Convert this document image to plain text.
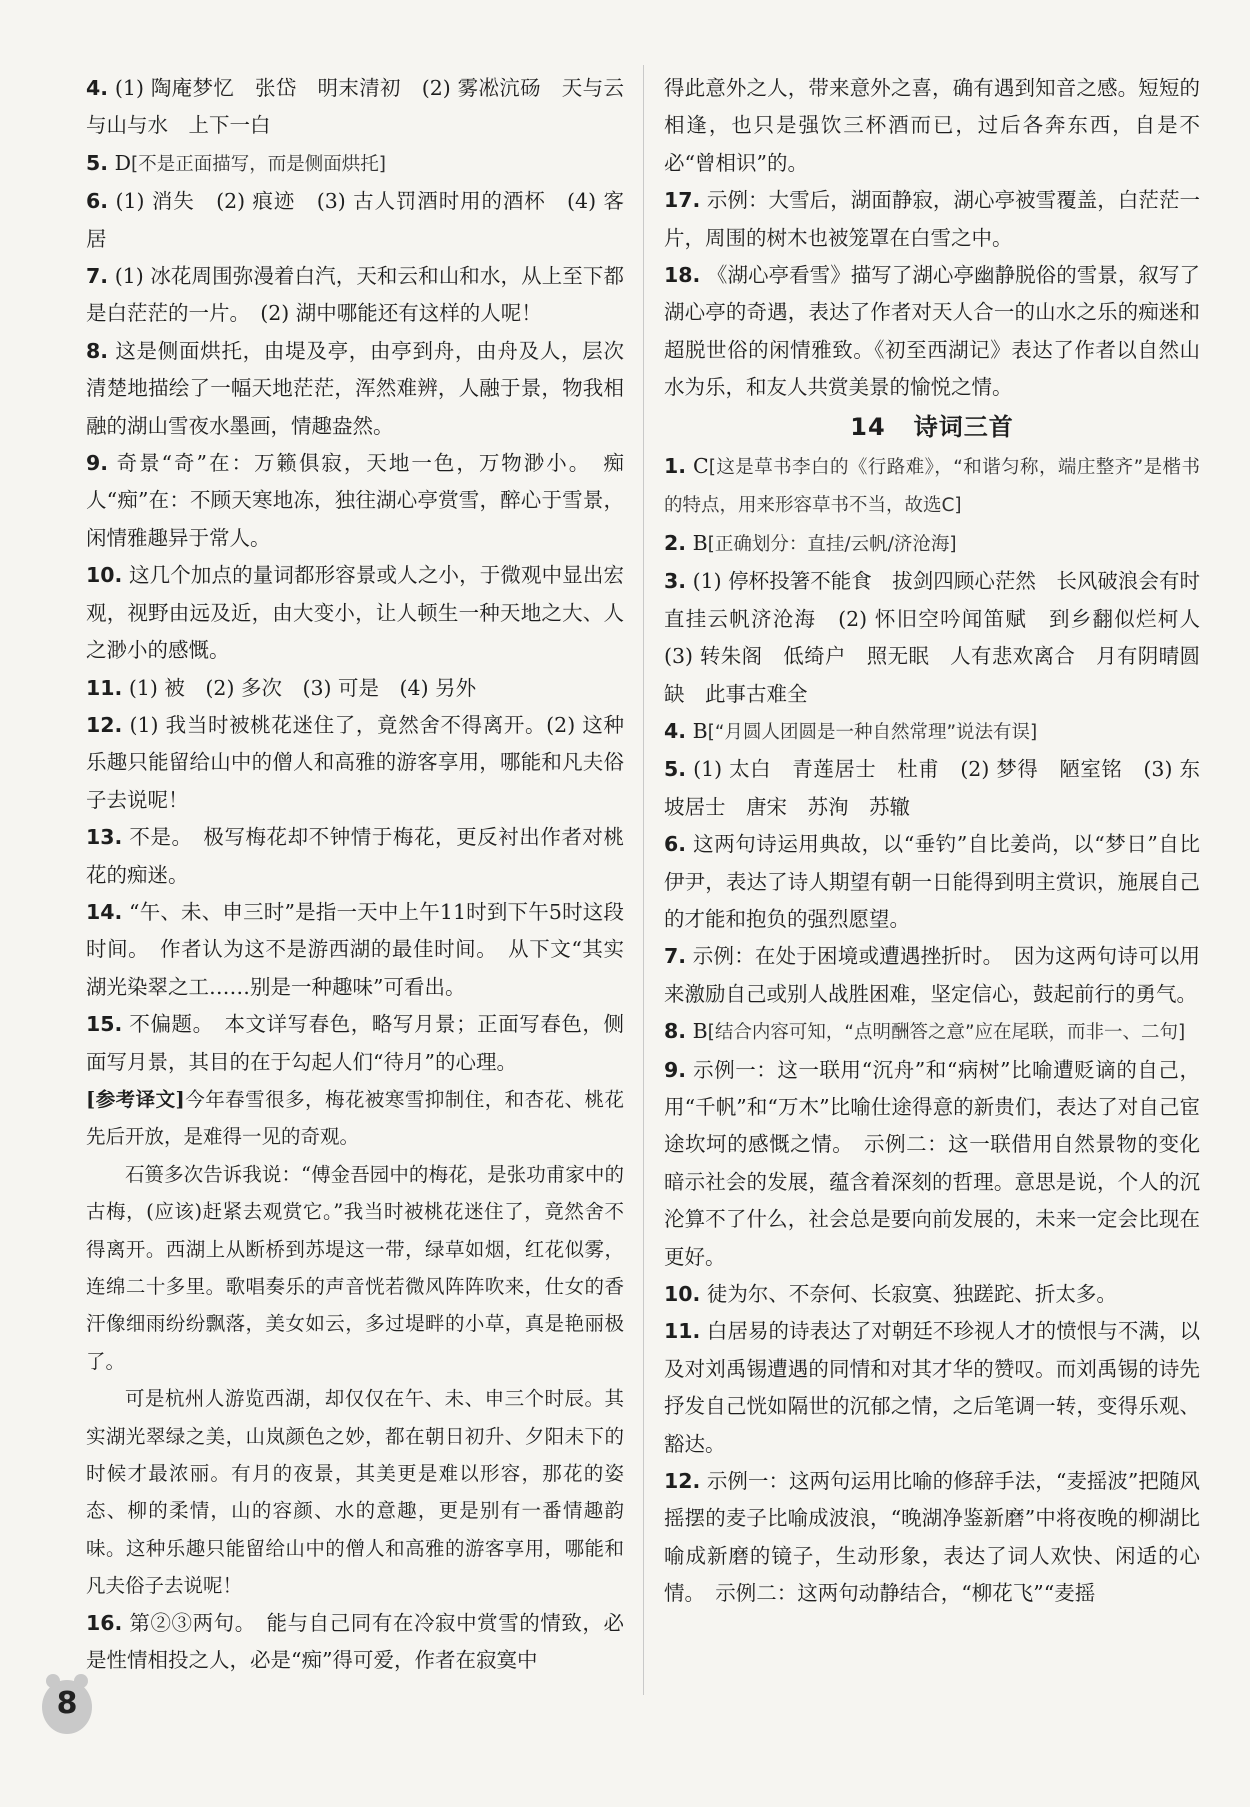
4. (1) 陶庵梦忆　张岱　明末清初　(2) 雾凇沆砀　天与云与山与水　上下一白

5. D[不是正面描写，而是侧面烘托]

6. (1) 消失　(2) 痕迹　(3) 古人罚酒时用的酒杯　(4) 客居

7. (1) 冰花周围弥漫着白汽，天和云和山和水，从上至下都是白茫茫的一片。　(2) 湖中哪能还有这样的人呢！

8. 这是侧面烘托，由堤及亭，由亭到舟，由舟及人，层次清楚地描绘了一幅天地茫茫，浑然难辨，人融于景，物我相融的湖山雪夜水墨画，情趣盎然。

9. 奇景“奇”在：万籁俱寂，天地一色，万物渺小。　痴人“痴”在：不顾天寒地冻，独往湖心亭赏雪，醉心于雪景，闲情雅趣异于常人。

10. 这几个加点的量词都形容景或人之小，于微观中显出宏观，视野由远及近，由大变小，让人顿生一种天地之大、人之渺小的感慨。

11. (1) 被　(2) 多次　(3) 可是　(4) 另外

12. (1) 我当时被桃花迷住了，竟然舍不得离开。(2) 这种乐趣只能留给山中的僧人和高雅的游客享用，哪能和凡夫俗子去说呢！

13. 不是。　极写梅花却不钟情于梅花，更反衬出作者对桃花的痴迷。

14. “午、未、申三时”是指一天中上午11时到下午5时这段时间。　作者认为这不是游西湖的最佳时间。　从下文“其实湖光染翠之工……别是一种趣味”可看出。

15. 不偏题。　本文详写春色，略写月景；正面写春色，侧面写月景，其目的在于勾起人们“待月”的心理。

[参考译文]今年春雪很多，梅花被寒雪抑制住，和杏花、桃花先后开放，是难得一见的奇观。

石篑多次告诉我说：“傅金吾园中的梅花，是张功甫家中的古梅，(应该)赶紧去观赏它。”我当时被桃花迷住了，竟然舍不得离开。西湖上从断桥到苏堤这一带，绿草如烟，红花似雾，连绵二十多里。歌唱奏乐的声音恍若微风阵阵吹来，仕女的香汗像细雨纷纷飘落，美女如云，多过堤畔的小草，真是艳丽极了。

可是杭州人游览西湖，却仅仅在午、未、申三个时辰。其实湖光翠绿之美，山岚颜色之妙，都在朝日初升、夕阳未下的时候才最浓丽。有月的夜景，其美更是难以形容，那花的姿态、柳的柔情，山的容颜、水的意趣，更是别有一番情趣韵味。这种乐趣只能留给山中的僧人和高雅的游客享用，哪能和凡夫俗子去说呢！

16. 第②③两句。　能与自己同有在冷寂中赏雪的情致，必是性情相投之人，必是“痴”得可爱，作者在寂寞中

得此意外之人，带来意外之喜，确有遇到知音之感。短短的相逢，也只是强饮三杯酒而已，过后各奔东西，自是不必“曾相识”的。

17. 示例：大雪后，湖面静寂，湖心亭被雪覆盖，白茫茫一片，周围的树木也被笼罩在白雪之中。

18. 《湖心亭看雪》描写了湖心亭幽静脱俗的雪景，叙写了湖心亭的奇遇，表达了作者对天人合一的山水之乐的痴迷和超脱世俗的闲情雅致。《初至西湖记》表达了作者以自然山水为乐，和友人共赏美景的愉悦之情。

14 诗词三首

1. C[这是草书李白的《行路难》，“和谐匀称，端庄整齐”是楷书的特点，用来形容草书不当，故选C]

2. B[正确划分：直挂/云帆/济沧海]

3. (1) 停杯投箸不能食　拔剑四顾心茫然　长风破浪会有时　直挂云帆济沧海　(2) 怀旧空吟闻笛赋　到乡翻似烂柯人　(3) 转朱阁　低绮户　照无眠　人有悲欢离合　月有阴晴圆缺　此事古难全

4. B[“月圆人团圆是一种自然常理”说法有误]

5. (1) 太白　青莲居士　杜甫　(2) 梦得　陋室铭　(3) 东坡居士　唐宋　苏洵　苏辙

6. 这两句诗运用典故，以“垂钓”自比姜尚，以“梦日”自比伊尹，表达了诗人期望有朝一日能得到明主赏识，施展自己的才能和抱负的强烈愿望。

7. 示例：在处于困境或遭遇挫折时。　因为这两句诗可以用来激励自己或别人战胜困难，坚定信心，鼓起前行的勇气。

8. B[结合内容可知，“点明酬答之意”应在尾联，而非一、二句]

9. 示例一：这一联用“沉舟”和“病树”比喻遭贬谪的自己，用“千帆”和“万木”比喻仕途得意的新贵们，表达了对自己宦途坎坷的感慨之情。　示例二：这一联借用自然景物的变化暗示社会的发展，蕴含着深刻的哲理。意思是说，个人的沉沦算不了什么，社会总是要向前发展的，未来一定会比现在更好。

10. 徒为尔、不奈何、长寂寞、独蹉跎、折太多。

11. 白居易的诗表达了对朝廷不珍视人才的愤恨与不满，以及对刘禹锡遭遇的同情和对其才华的赞叹。而刘禹锡的诗先抒发自己恍如隔世的沉郁之情，之后笔调一转，变得乐观、豁达。

12. 示例一：这两句运用比喻的修辞手法，“麦摇波”把随风摇摆的麦子比喻成波浪，“晚湖净鉴新磨”中将夜晚的柳湖比喻成新磨的镜子，生动形象，表达了词人欢快、闲适的心情。　示例二：这两句动静结合，“柳花飞”“麦摇

8
